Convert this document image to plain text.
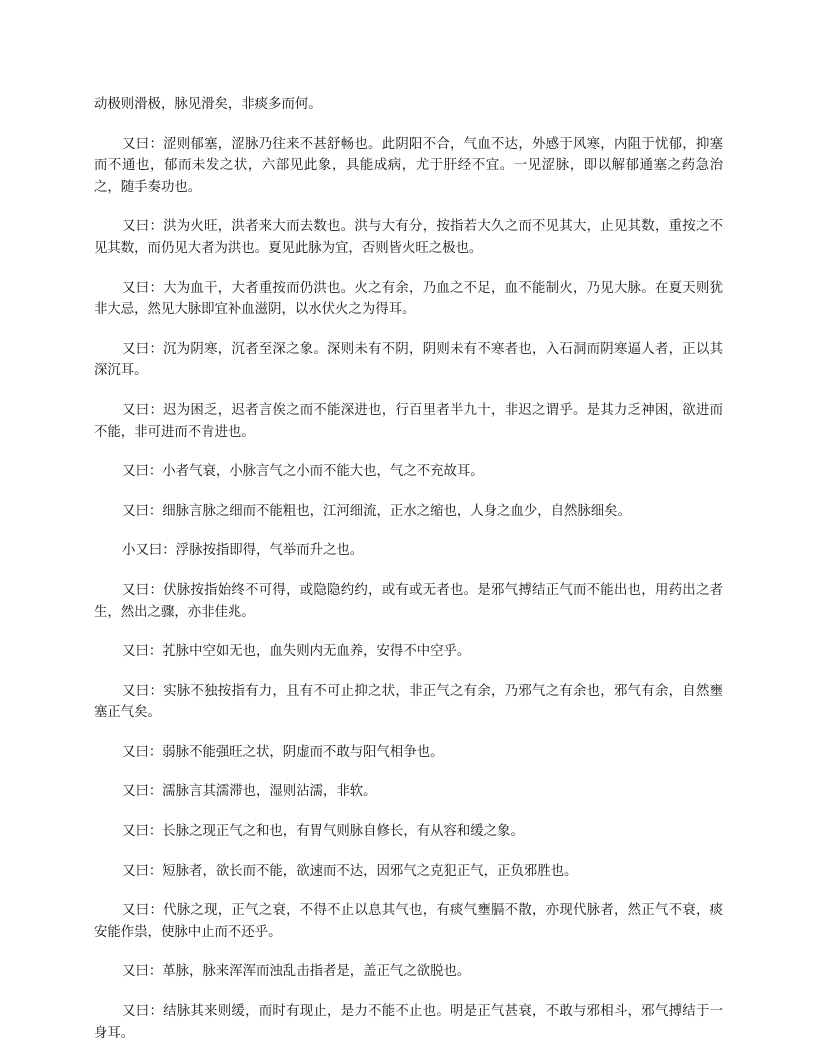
动极则滑极，脉见滑矣，非痰多而何。

又曰：涩则郁塞，涩脉乃往来不甚舒畅也。此阴阳不合，气血不达，外感于风寒，内阻于忧郁，抑塞而不通也，郁而未发之状，六部见此象，具能成病，尤于肝经不宜。一见涩脉，即以解郁通塞之药急治之，随手奏功也。

又曰：洪为火旺，洪者来大而去数也。洪与大有分，按指若大久之而不见其大，止见其数，重按之不见其数，而仍见大者为洪也。夏见此脉为宜，否则皆火旺之极也。

又曰：大为血干，大者重按而仍洪也。火之有余，乃血之不足，血不能制火，乃见大脉。在夏天则犹非大忌，然见大脉即宜补血滋阴，以水伏火之为得耳。

又曰：沉为阴寒，沉者至深之象。深则未有不阴，阴则未有不寒者也，入石洞而阴寒逼人者，正以其深沉耳。

又曰：迟为困乏，迟者言俟之而不能深进也，行百里者半九十，非迟之谓乎。是其力乏神困，欲进而不能，非可进而不肯进也。

又曰：小者气衰，小脉言气之小而不能大也，气之不充故耳。

又曰：细脉言脉之细而不能粗也，江河细流，正水之缩也，人身之血少，自然脉细矣。

小又曰：浮脉按指即得，气举而升之也。

又曰：伏脉按指始终不可得，或隐隐约约，或有或无者也。是邪气搏结正气而不能出也，用药出之者生，然出之骤，亦非佳兆。

又曰：芤脉中空如无也，血失则内无血养，安得不中空乎。

又曰：实脉不独按指有力，且有不可止抑之状，非正气之有余，乃邪气之有余也，邪气有余，自然壅塞正气矣。

又曰：弱脉不能强旺之状，阴虚而不敢与阳气相争也。

又曰：濡脉言其濡滞也，湿则沾濡，非软。

又曰：长脉之现正气之和也，有胃气则脉自修长，有从容和缓之象。

又曰：短脉者，欲长而不能，欲速而不达，因邪气之克犯正气，正负邪胜也。

又曰：代脉之现，正气之衰，不得不止以息其气也，有痰气壅膈不散，亦现代脉者，然正气不衰，痰安能作祟，使脉中止而不还乎。

又曰：革脉，脉来浑浑而浊乱击指者是，盖正气之欲脱也。

又曰：结脉其来则缓，而时有现止，是力不能不止也。明是正气甚衰，不敢与邪相斗，邪气搏结于一身耳。
